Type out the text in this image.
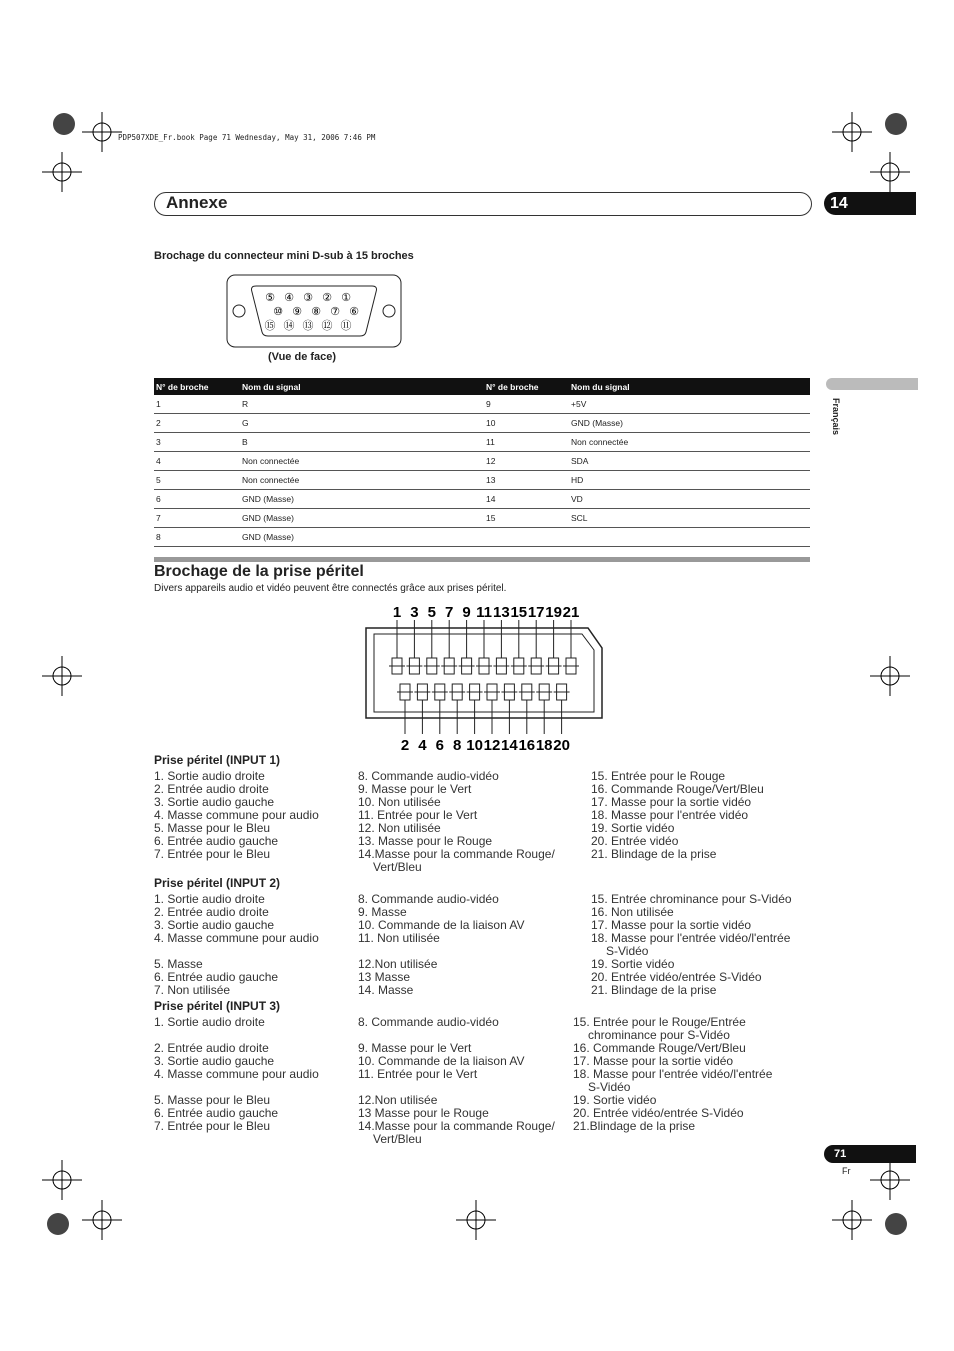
PDP507XDE_Fr.book Page 71 Wednesday, May 31, 2006 7:46 PM
Annexe	14
Français
Brochage du connecteur mini D-sub à 15 broches
⑤ ④ ③ ② ①
⑩ ⑨ ⑧ ⑦ ⑥
⑮ ⑭ ⑬ ⑫ ⑪
(Vue de face)
N° de broche	Nom du signal	N° de broche	Nom du signal
1	R	9	+5V
2	G	10	GND (Masse)
3	B	11	Non connectée
4	Non connectée	12	SDA
5	Non connectée	13	HD
6	GND (Masse)	14	VD
7	GND (Masse)	15	SCL
8	GND (Masse)		
Brochage de la prise péritel
Divers appareils audio et vidéo peuvent être connectés grâce aux prises péritel.
1 3 5 7 9 11 13 15 17 19 21
2 4 6 8 10 12 14 16 18 20
Prise péritel (INPUT 1)
1. Sortie audio droite
2. Entrée audio droite
3. Sortie audio gauche
4. Masse commune pour audio
5. Masse pour le Bleu
6. Entrée audio gauche
7. Entrée pour le Bleu
8. Commande audio-vidéo
9. Masse pour le Vert
10. Non utilisée
11. Entrée pour le Vert
12. Non utilisée
13. Masse pour le Rouge
14.Masse pour la commande Rouge/
Vert/Bleu
15. Entrée pour le Rouge
16. Commande Rouge/Vert/Bleu
17. Masse pour la sortie vidéo
18. Masse pour l'entrée vidéo
19. Sortie vidéo
20. Entrée vidéo
21. Blindage de la prise
Prise péritel (INPUT 2)
1. Sortie audio droite
2. Entrée audio droite
3. Sortie audio gauche
4. Masse commune pour audio

5. Masse
6. Entrée audio gauche
7. Non utilisée
8. Commande audio-vidéo
9. Masse
10. Commande de la liaison AV
11. Non utilisée

12.Non utilisée
13 Masse
14. Masse
15. Entrée chrominance pour S-Vidéo
16. Non utilisée
17. Masse pour la sortie vidéo
18. Masse pour l'entrée vidéo/l'entrée
S-Vidéo
19. Sortie vidéo
20. Entrée vidéo/entrée S-Vidéo
21. Blindage de la prise
Prise péritel (INPUT 3)
1. Sortie audio droite

2. Entrée audio droite
3. Sortie audio gauche
4. Masse commune pour audio

5. Masse pour le Bleu
6. Entrée audio gauche
7. Entrée pour le Bleu
8. Commande audio-vidéo

9. Masse pour le Vert
10. Commande de la liaison AV
11. Entrée pour le Vert

12.Non utilisée
13 Masse pour le Rouge
14.Masse pour la commande Rouge/
Vert/Bleu
15. Entrée pour le Rouge/Entrée
chrominance pour S-Vidéo
16. Commande Rouge/Vert/Bleu
17. Masse pour la sortie vidéo
18. Masse pour l'entrée vidéo/l'entrée
S-Vidéo
19. Sortie vidéo
20. Entrée vidéo/entrée S-Vidéo
21.Blindage de la prise
71
Fr
